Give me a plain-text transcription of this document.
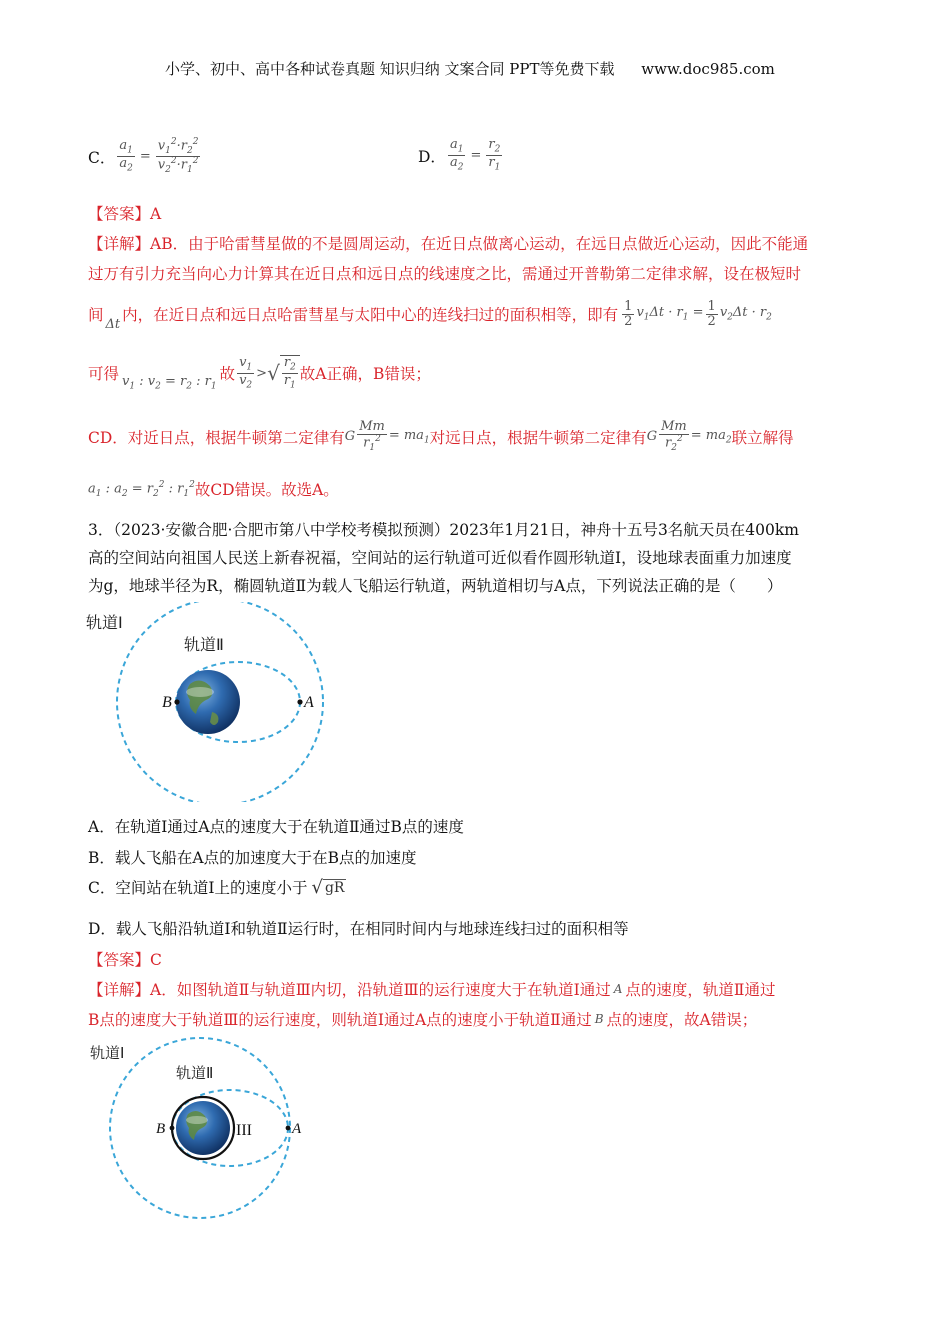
小学、初中、高中各种试卷真题 知识归纳 文案合同 PPT等免费下载 www.doc985.com
C． $\frac{a_1}{a_2} = \frac{v_1^2\cdot r_2^2}{v_2^2\cdot r_1^2}$	D． $\frac{a_1}{a_2} = \frac{r_2}{r_1}$
【答案】A
【详解】AB．由于哈雷彗星做的不是圆周运动，在近日点做离心运动，在远日点做近心运动，因此不能通
过万有引力充当向心力计算其在近日点和远日点的线速度之比，需通过开普勒第二定律求解，设在极短时
间 Δt 内，在近日点和远日点哈雷彗星与太阳中心的连线扫过的面积相等，即有 $\frac{1}{2} v_1\Delta t \cdot r_1 = \frac{1}{2} v_2\Delta t \cdot r_2$
可得 $v_1$ : $v_2 = r_2$ : $r_1$
故 $\frac{v_1}{v_2}$ > √ $\frac{r_2}{r_1}$ 故A正确，B错误；
CD．对近日点，根据牛顿第二定律有 G $\frac{Mm}{r_1^2} = ma_1$ 对远日点，根据牛顿第二定律有 G $\frac{Mm}{r_2^2} = ma_2$ 联立解得
$a_1$ : $a_2 = r_2^2$ : $r_1^2$ 故CD错误。故选A。
3．（2023·安徽合肥·合肥市第八中学校考模拟预测）2023年1月21日，神舟十五号3名航天员在400km
高的空间站向祖国人民送上新春祝福，空间站的运行轨道可近似看作圆形轨道Ⅰ，设地球表面重力加速度
为g，地球半径为R，椭圆轨道Ⅱ为载人飞船运行轨道，两轨道相切与A点，下列说法正确的是（　　）
B	A
轨道Ⅰ
轨道Ⅱ
A．在轨道Ⅰ通过A点的速度大于在轨道Ⅱ通过B点的速度
B．载人飞船在A点的加速度大于在B点的加速度
C．空间站在轨道Ⅰ上的速度小于 √ gR
D．载人飞船沿轨道Ⅰ和轨道Ⅱ运行时，在相同时间内与地球连线扫过的面积相等
【答案】C
【详解】A．如图轨道Ⅱ与轨道Ⅲ内切，沿轨道Ⅲ的运行速度大于在轨道Ⅰ通过 A 点的速度，轨道Ⅱ通过
B点的速度大于轨道Ⅲ的运行速度，则轨道Ⅰ通过A点的速度小于轨道Ⅱ通过 B 点的速度，故A错误；
B	A
III
轨道Ⅰ
轨道Ⅱ
